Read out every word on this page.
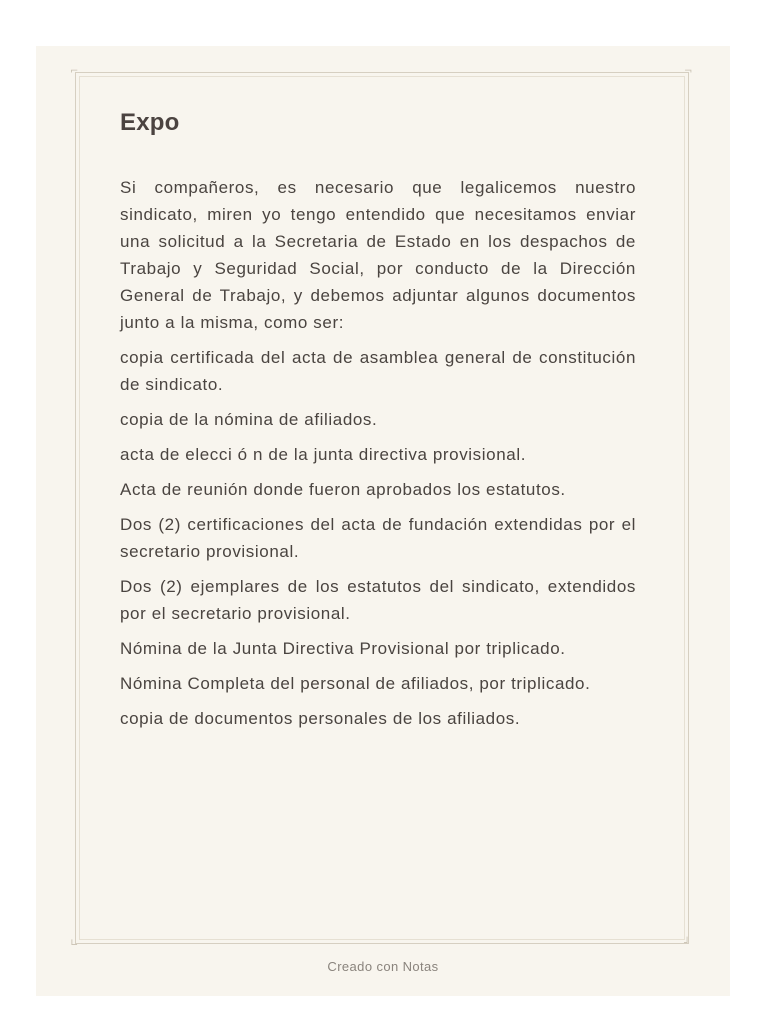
⌐	¬
∟	┘
Expo

Si compañeros, es necesario que legalicemos nuestro sindicato, miren yo tengo entendido que necesitamos enviar una solicitud a la Secretaria de Estado en los despachos de Trabajo y Seguridad Social, por conducto de la Dirección General de Trabajo, y debemos adjuntar algunos documentos junto a la misma, como ser:

copia certificada del acta de asamblea general de constitución de sindicato.

copia de la nómina de afiliados.

acta de elecci ó n de la junta directiva provisional.

Acta de reunión donde fueron aprobados los estatutos.

Dos (2) certificaciones del acta de fundación extendidas por el secretario provisional.

Dos (2) ejemplares de los estatutos del sindicato, extendidos por el secretario provisional.

Nómina de la Junta Directiva Provisional por triplicado.

Nómina Completa del personal de afiliados, por triplicado.

copia de documentos personales de los afiliados.

Creado con Notas
